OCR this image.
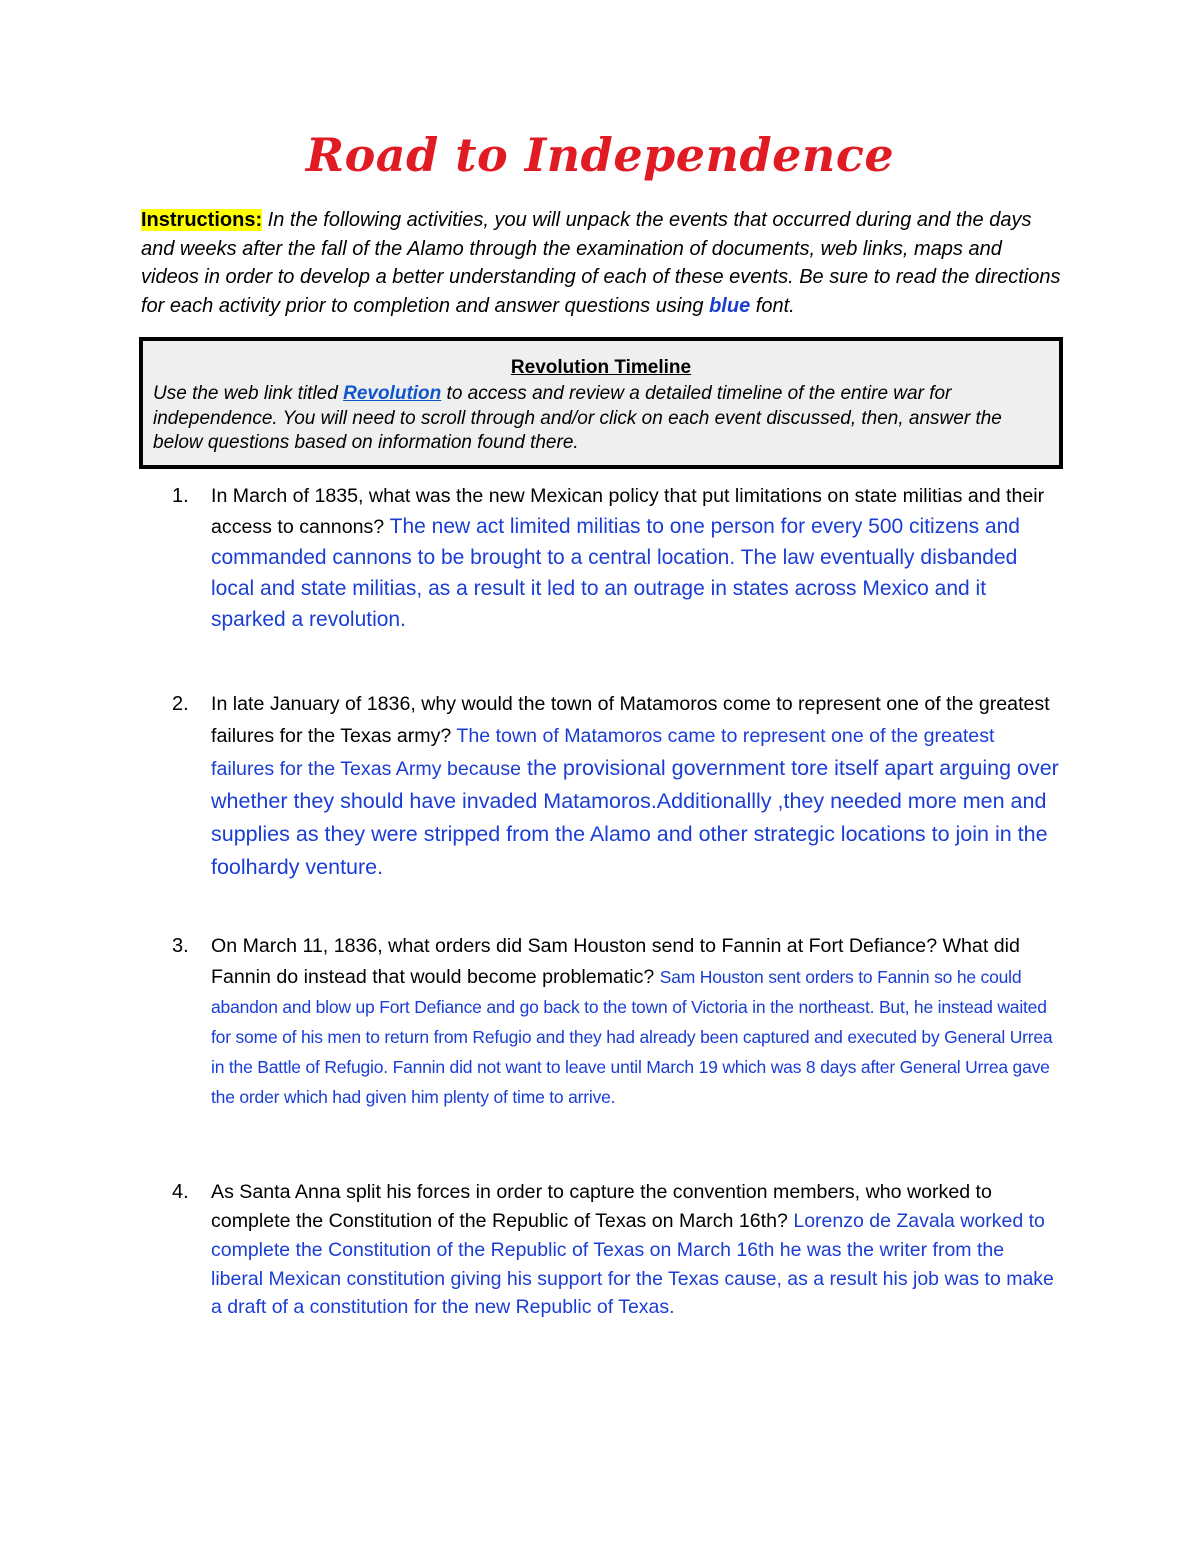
Road to Independence

Instructions: In the following activities, you will unpack the events that occurred during and the days and weeks after the fall of the Alamo through the examination of documents, web links, maps and videos in order to develop a better understanding of each of these events. Be sure to read the directions for each activity prior to completion and answer questions using blue font.

Revolution Timeline
Use the web link titled Revolution to access and review a detailed timeline of the entire war for independence. You will need to scroll through and/or click on each event discussed, then, answer the below questions based on information found there.
1.	In March of 1835, what was the new Mexican policy that put limitations on state militias and their access to cannons? The new act limited militias to one person for every 500 citizens and commanded cannons to be brought to a central location. The law eventually disbanded local and state militias, as a result it led to an outrage in states across Mexico and it sparked a revolution.
2.	In late January of 1836, why would the town of Matamoros come to represent one of the greatest failures for the Texas army? The town of Matamoros came to represent one of the greatest failures for the Texas Army because the provisional government tore itself apart arguing over whether they should have invaded Matamoros.Additionallly ,they needed more men and supplies as they were stripped from the Alamo and other strategic locations to join in the foolhardy venture.
3.	On March 11, 1836, what orders did Sam Houston send to Fannin at Fort Defiance? What did Fannin do instead that would become problematic? Sam Houston sent orders to Fannin so he could abandon and blow up Fort Defiance and go back to the town of Victoria in the northeast. But, he instead waited for some of his men to return from Refugio and they had already been captured and executed by General Urrea in the Battle of Refugio. Fannin did not want to leave until March 19 which was 8 days after General Urrea gave the order which had given him plenty of time to arrive.
4.	As Santa Anna split his forces in order to capture the convention members, who worked to complete the Constitution of the Republic of Texas on March 16th? Lorenzo de Zavala worked to complete the Constitution of the Republic of Texas on March 16th he was the writer from the liberal Mexican constitution giving his support for the Texas cause, as a result his job was to make a draft of a constitution for the new Republic of Texas.
